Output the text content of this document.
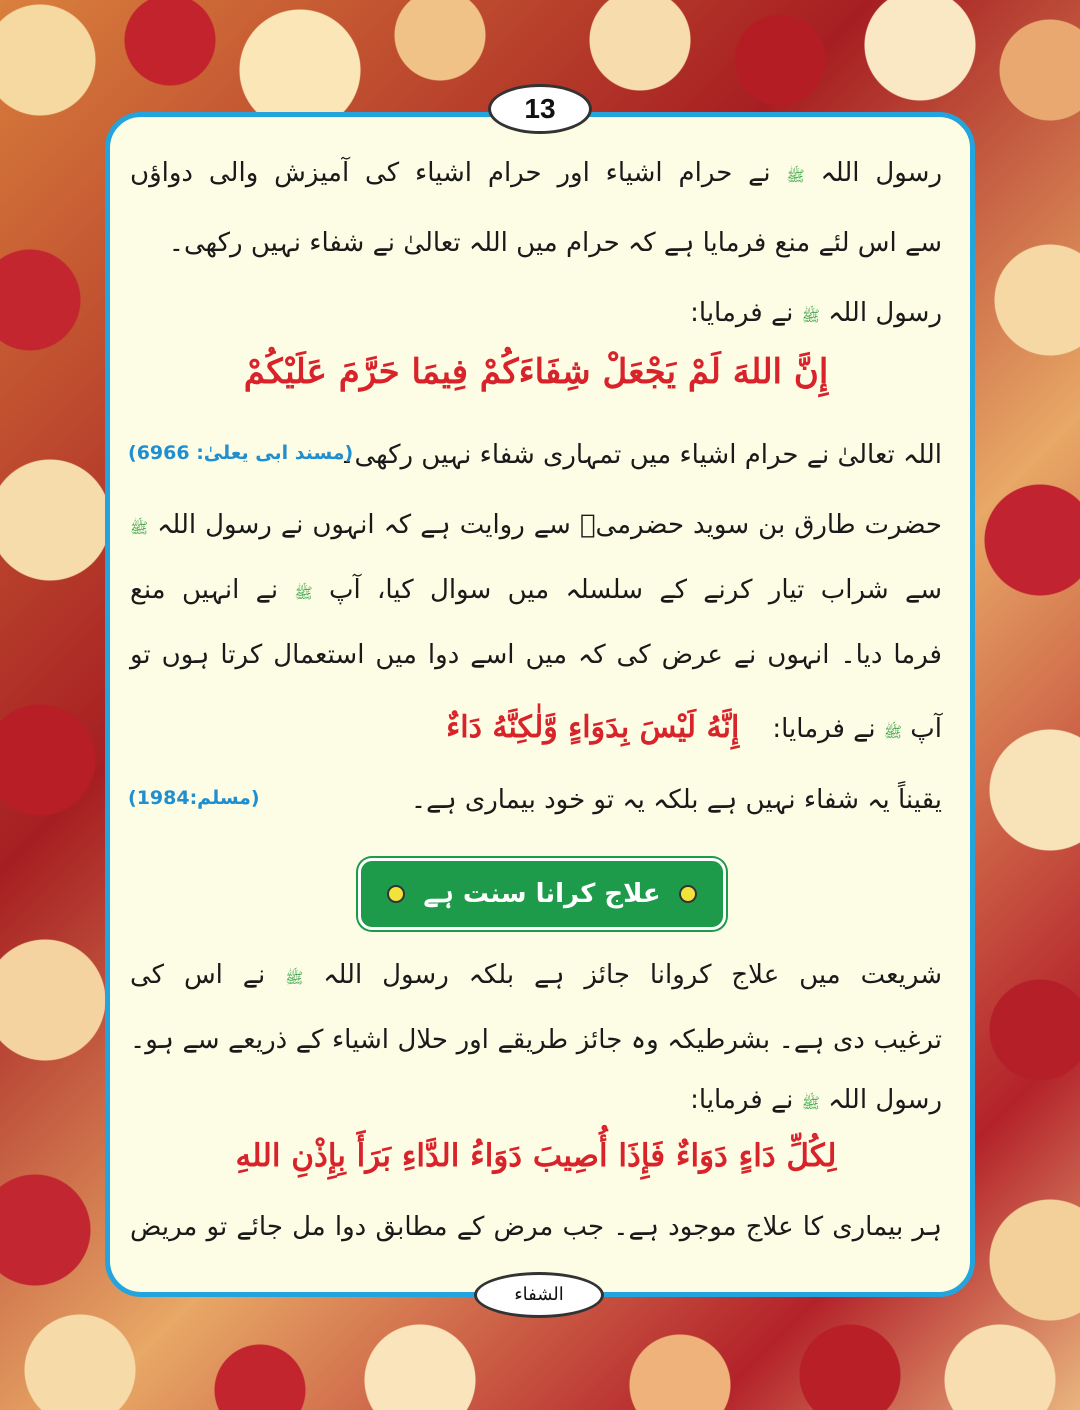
13
رسول اللہ ﷺ نے حرام اشیاء اور حرام اشیاء کی آمیزش والی دواؤں
سے اس لئے منع فرمایا ہے کہ حرام میں اللہ تعالیٰ نے شفاء نہیں رکھی۔
رسول اللہ ﷺ نے فرمایا:
إِنَّ اللهَ لَمْ يَجْعَلْ شِفَاءَكُمْ فِيمَا حَرَّمَ عَلَيْكُمْ
اللہ تعالیٰ نے حرام اشیاء میں تمہاری شفاء نہیں رکھی۔
(مسند ابی یعلیٰ: 6966)
حضرت طارق بن سوید حضرمیؓ سے روایت ہے کہ انہوں نے رسول اللہ ﷺ
سے شراب تیار کرنے کے سلسلہ میں سوال کیا، آپ ﷺ نے انہیں منع
فرما دیا۔ انہوں نے عرض کی کہ میں اسے دوا میں استعمال کرتا ہوں تو
آپ ﷺ نے فرمایا:    إِنَّهُ لَيْسَ بِدَوَاءٍ وَّلٰكِنَّهُ دَاءٌ
یقیناً یہ شفاء نہیں ہے بلکہ یہ تو خود بیماری ہے۔
(مسلم:1984)
علاج کرانا سنت ہے
شریعت میں علاج کروانا جائز ہے بلکہ رسول اللہ ﷺ نے اس کی
ترغیب دی ہے۔ بشرطیکہ وہ جائز طریقے اور حلال اشیاء کے ذریعے سے ہو۔
رسول اللہ ﷺ نے فرمایا:
لِكُلِّ دَاءٍ دَوَاءٌ فَإِذَا أُصِيبَ دَوَاءُ الدَّاءِ بَرَأَ بِإِذْنِ اللهِ
ہر بیماری کا علاج موجود ہے۔ جب مرض کے مطابق دوا مل جائے تو مریض
الشفاء
